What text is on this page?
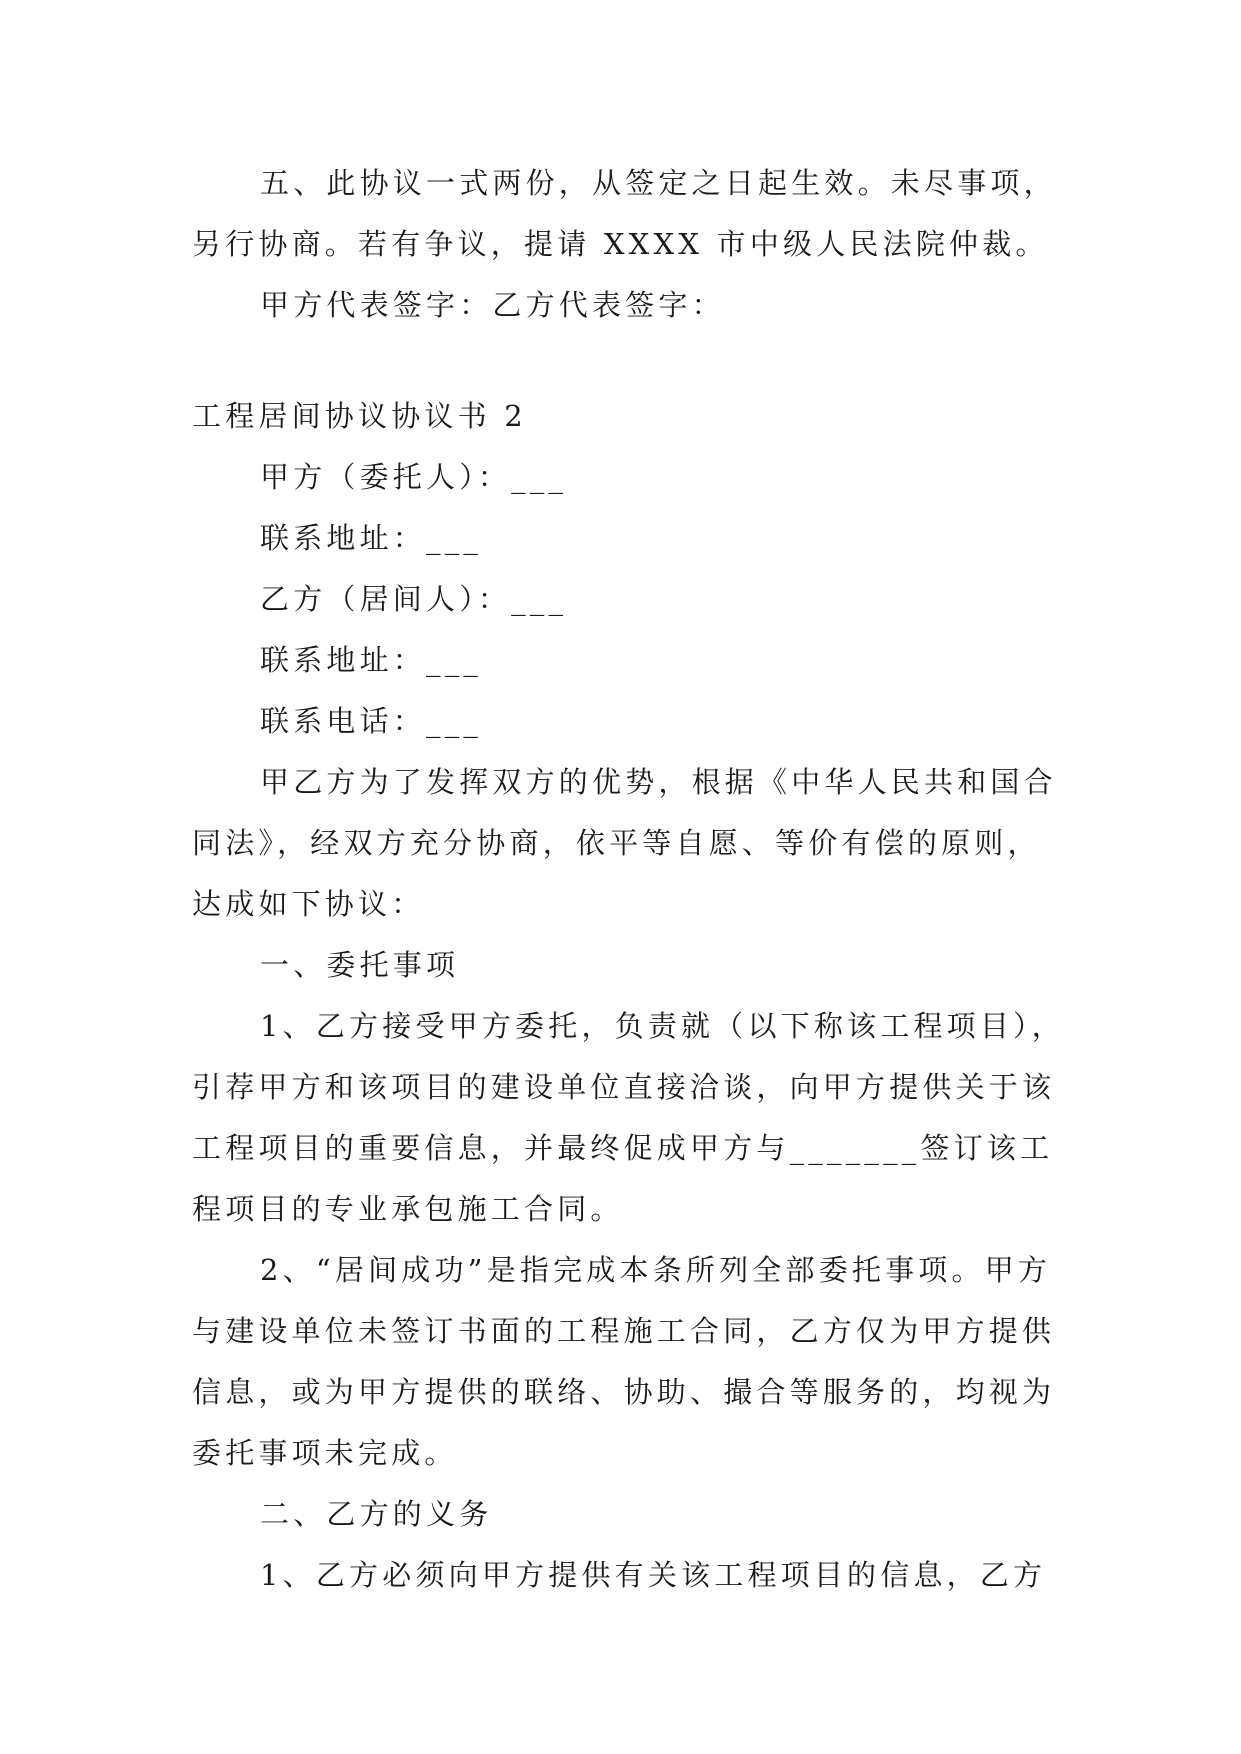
五、此协议一式两份，从签定之日起生效。未尽事项，
另行协商。若有争议，提请 XXXX 市中级人民法院仲裁。
甲方代表签字：乙方代表签字：
工程居间协议协议书 2
甲方（委托人）：___
联系地址：___
乙方（居间人）：___
联系地址：___
联系电话：___
甲乙方为了发挥双方的优势，根据《中华人民共和国合
同法》，经双方充分协商，依平等自愿、等价有偿的原则，
达成如下协议：
一、委托事项
1、乙方接受甲方委托，负责就（以下称该工程项目），
引荐甲方和该项目的建设单位直接洽谈，向甲方提供关于该
工程项目的重要信息，并最终促成甲方与_______签订该工
程项目的专业承包施工合同。
2、“居间成功”是指完成本条所列全部委托事项。甲方
与建设单位未签订书面的工程施工合同，乙方仅为甲方提供
信息，或为甲方提供的联络、协助、撮合等服务的，均视为
委托事项未完成。
二、乙方的义务
1、乙方必须向甲方提供有关该工程项目的信息，乙方
